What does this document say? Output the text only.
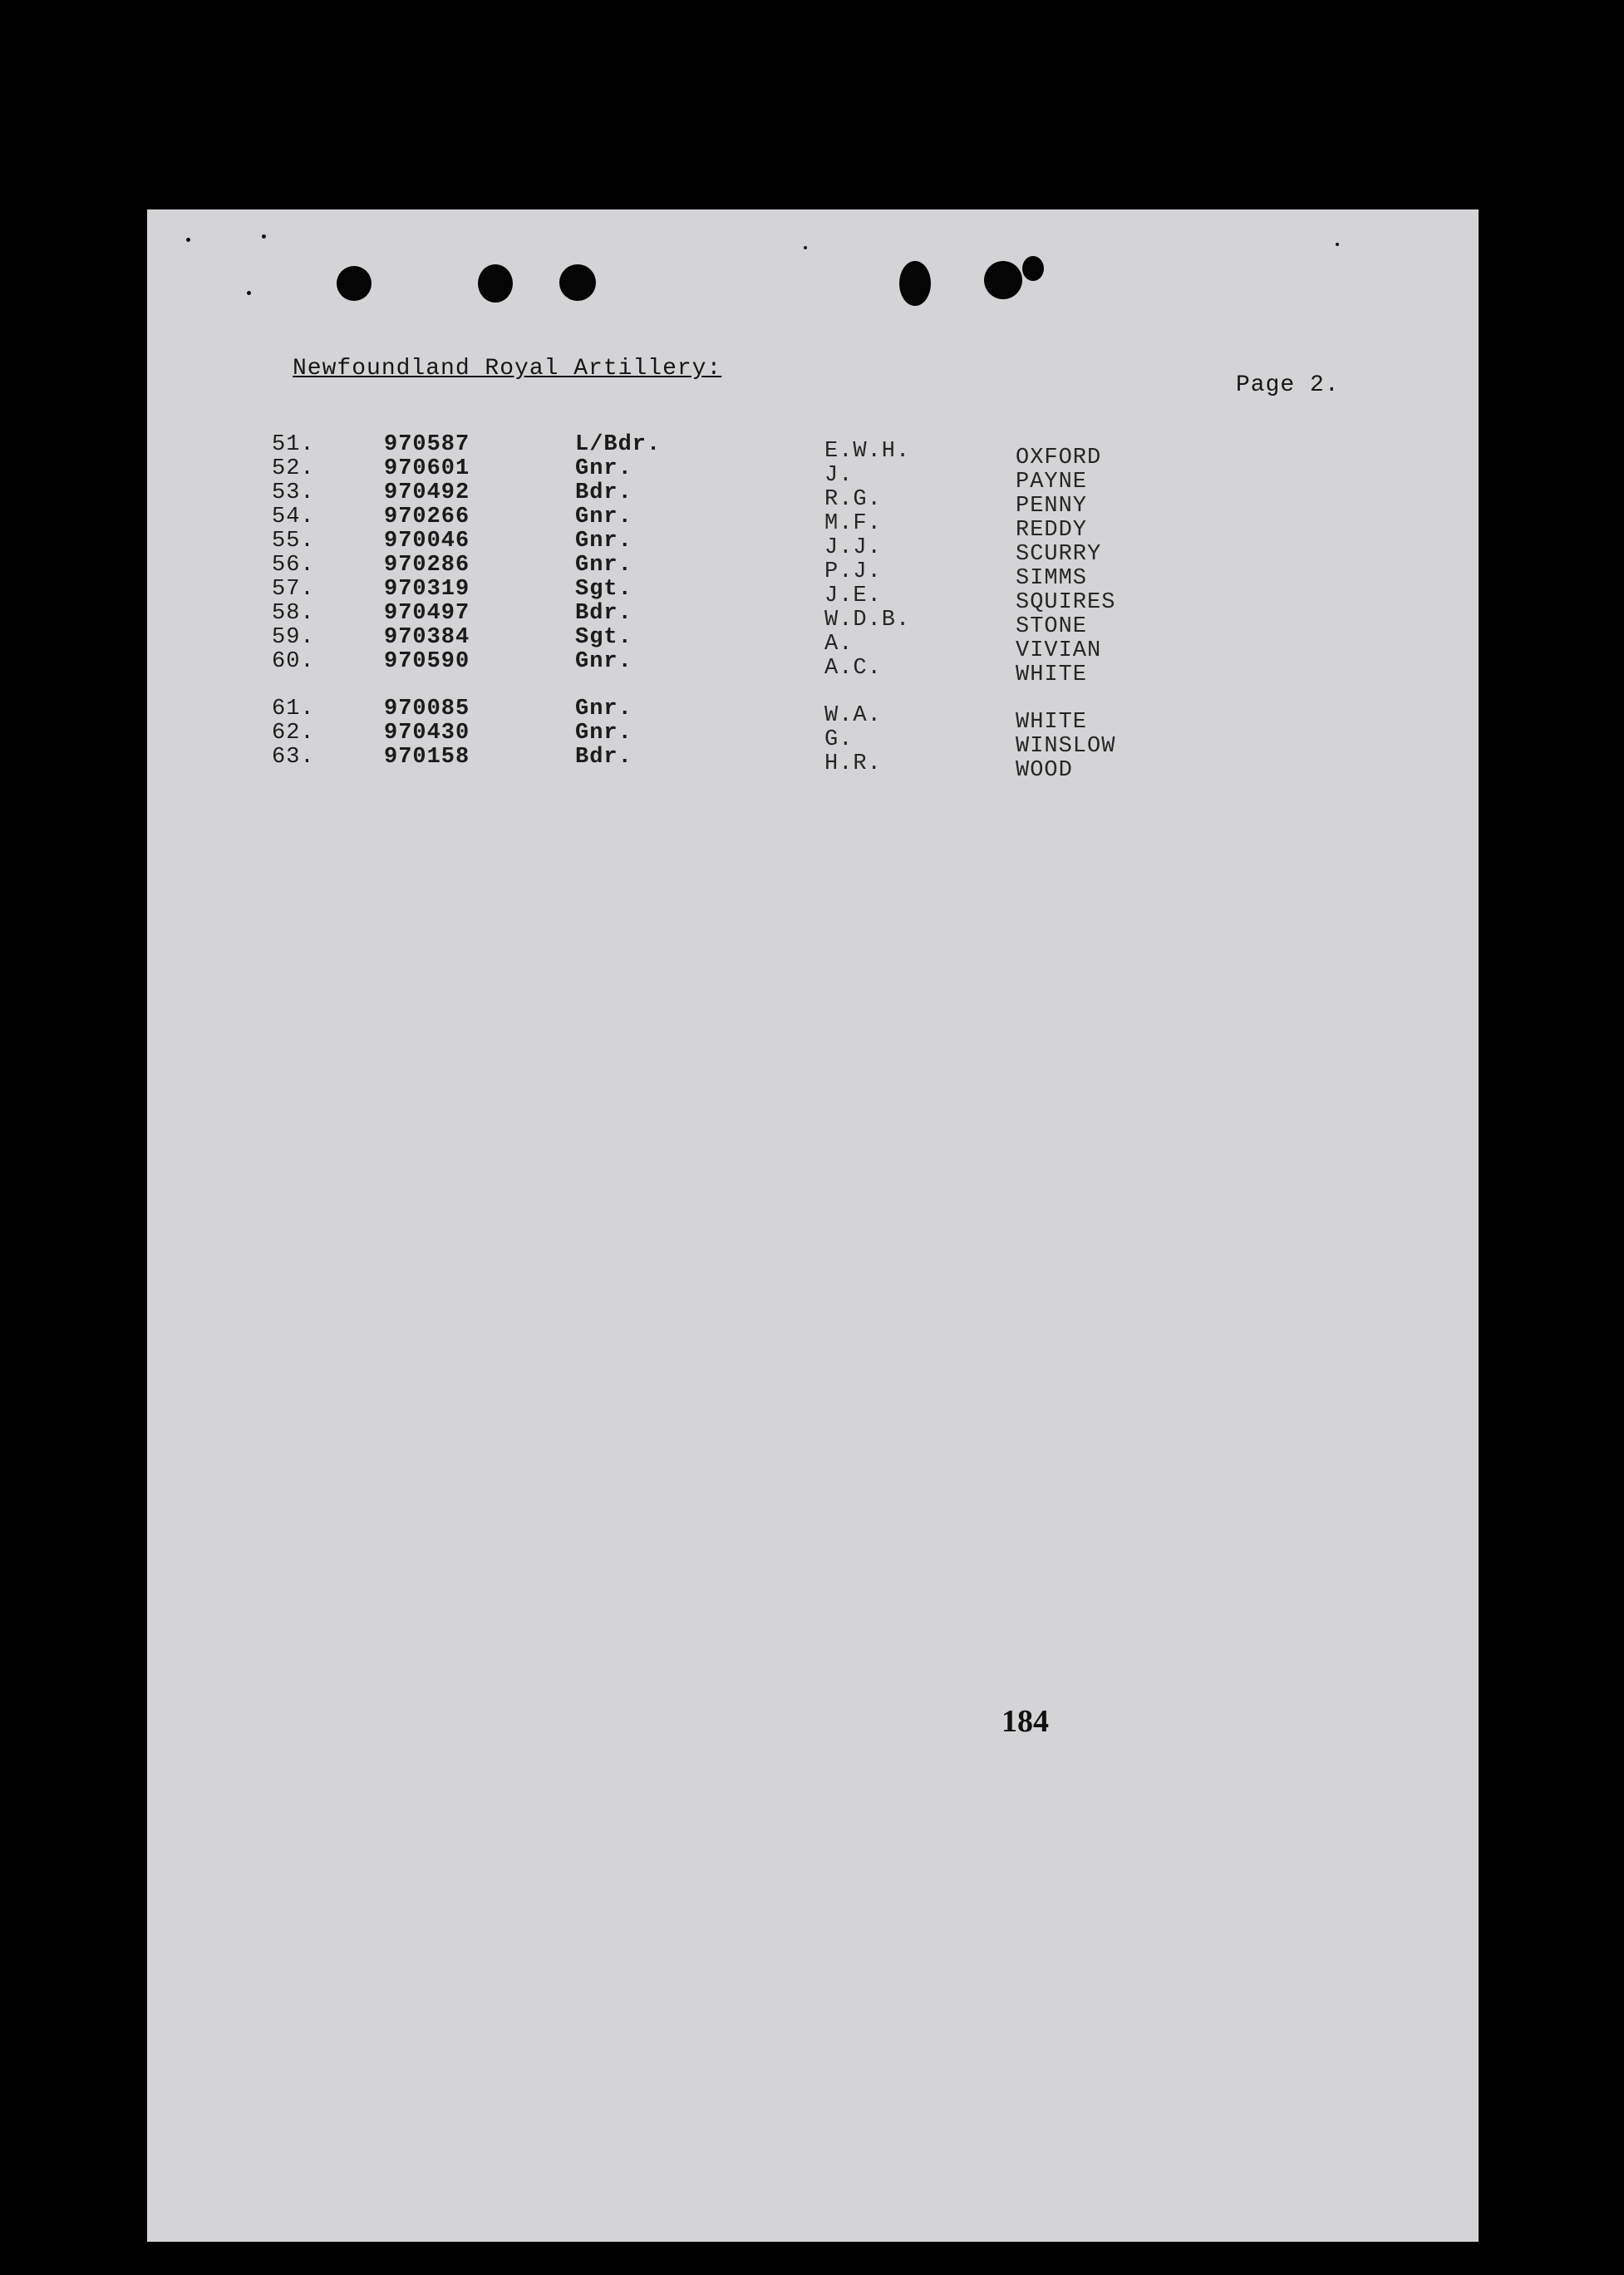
Newfoundland Royal Artillery:
Page 2.
51.	970587	L/Bdr.	E.W.H.	OXFORD
52.	970601	Gnr.	J.	PAYNE
53.	970492	Bdr.	R.G.	PENNY
54.	970266	Gnr.	M.F.	REDDY
55.	970046	Gnr.	J.J.	SCURRY
56.	970286	Gnr.	P.J.	SIMMS
57.	970319	Sgt.	J.E.	SQUIRES
58.	970497	Bdr.	W.D.B.	STONE
59.	970384	Sgt.	A.	VIVIAN
60.	970590	Gnr.	A.C.	WHITE
61.	970085	Gnr.	W.A.	WHITE
62.	970430	Gnr.	G.	WINSLOW
63.	970158	Bdr.	H.R.	WOOD
184
